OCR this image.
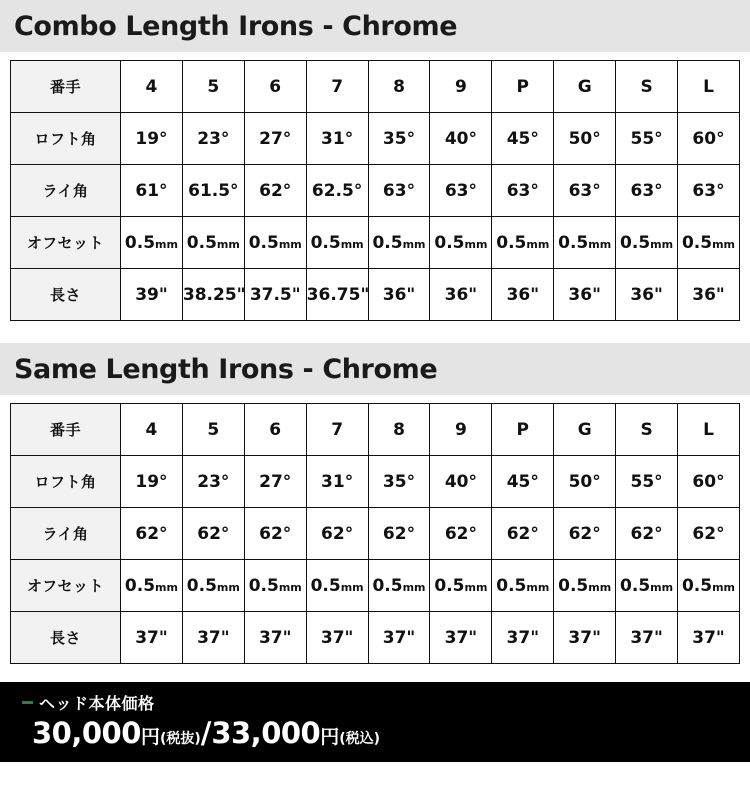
Combo Length Irons - Chrome
番手	4	5	6	7	8	9	P	G	S	L
ロフト角	19°	23°	27°	31°	35°	40°	45°	50°	55°	60°
ライ角	61°	61.5°	62°	62.5°	63°	63°	63°	63°	63°	63°
オフセット	0.5mm	0.5mm	0.5mm	0.5mm	0.5mm	0.5mm	0.5mm	0.5mm	0.5mm	0.5mm
長さ	39"	38.25"	37.5"	36.75"	36"	36"	36"	36"	36"	36"
Same Length Irons - Chrome
番手	4	5	6	7	8	9	P	G	S	L
ロフト角	19°	23°	27°	31°	35°	40°	45°	50°	55°	60°
ライ角	62°	62°	62°	62°	62°	62°	62°	62°	62°	62°
オフセット	0.5mm	0.5mm	0.5mm	0.5mm	0.5mm	0.5mm	0.5mm	0.5mm	0.5mm	0.5mm
長さ	37"	37"	37"	37"	37"	37"	37"	37"	37"	37"
ヘッド本体価格
30,000円(税抜)/33,000円(税込)
